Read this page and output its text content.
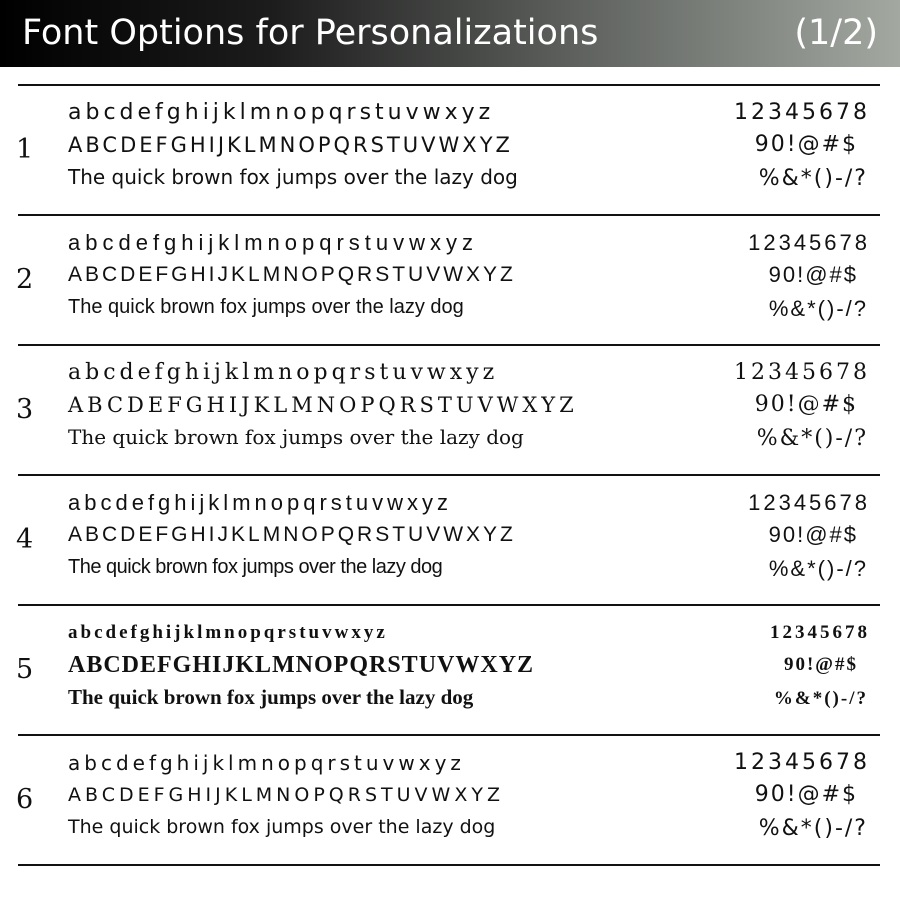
Font Options for Personalizations	(1/2)
1
abcdefghijklmnopqrstuvwxyz
ABCDEFGHIJKLMNOPQRSTUVWXYZ
The quick brown fox jumps over the lazy dog
12345678
90!@#$
%&*()-/?
2
abcdefghijklmnopqrstuvwxyz
ABCDEFGHIJKLMNOPQRSTUVWXYZ
The quick brown fox jumps over the lazy dog
12345678
90!@#$
%&*()-/?
3
abcdefghijklmnopqrstuvwxyz
ABCDEFGHIJKLMNOPQRSTUVWXYZ
The quick brown fox jumps over the lazy dog
12345678
90!@#$
%&*()-/?
4
abcdefghijklmnopqrstuvwxyz
ABCDEFGHIJKLMNOPQRSTUVWXYZ
The quick brown fox jumps over the lazy dog
12345678
90!@#$
%&*()-/?
5
abcdefghijklmnopqrstuvwxyz
ABCDEFGHIJKLMNOPQRSTUVWXYZ
The quick brown fox jumps over the lazy dog
12345678
90!@#$
%&*()-/?
6
abcdefghijklmnopqrstuvwxyz
ABCDEFGHIJKLMNOPQRSTUVWXYZ
The quick brown fox jumps over the lazy dog
12345678
90!@#$
%&*()-/?
